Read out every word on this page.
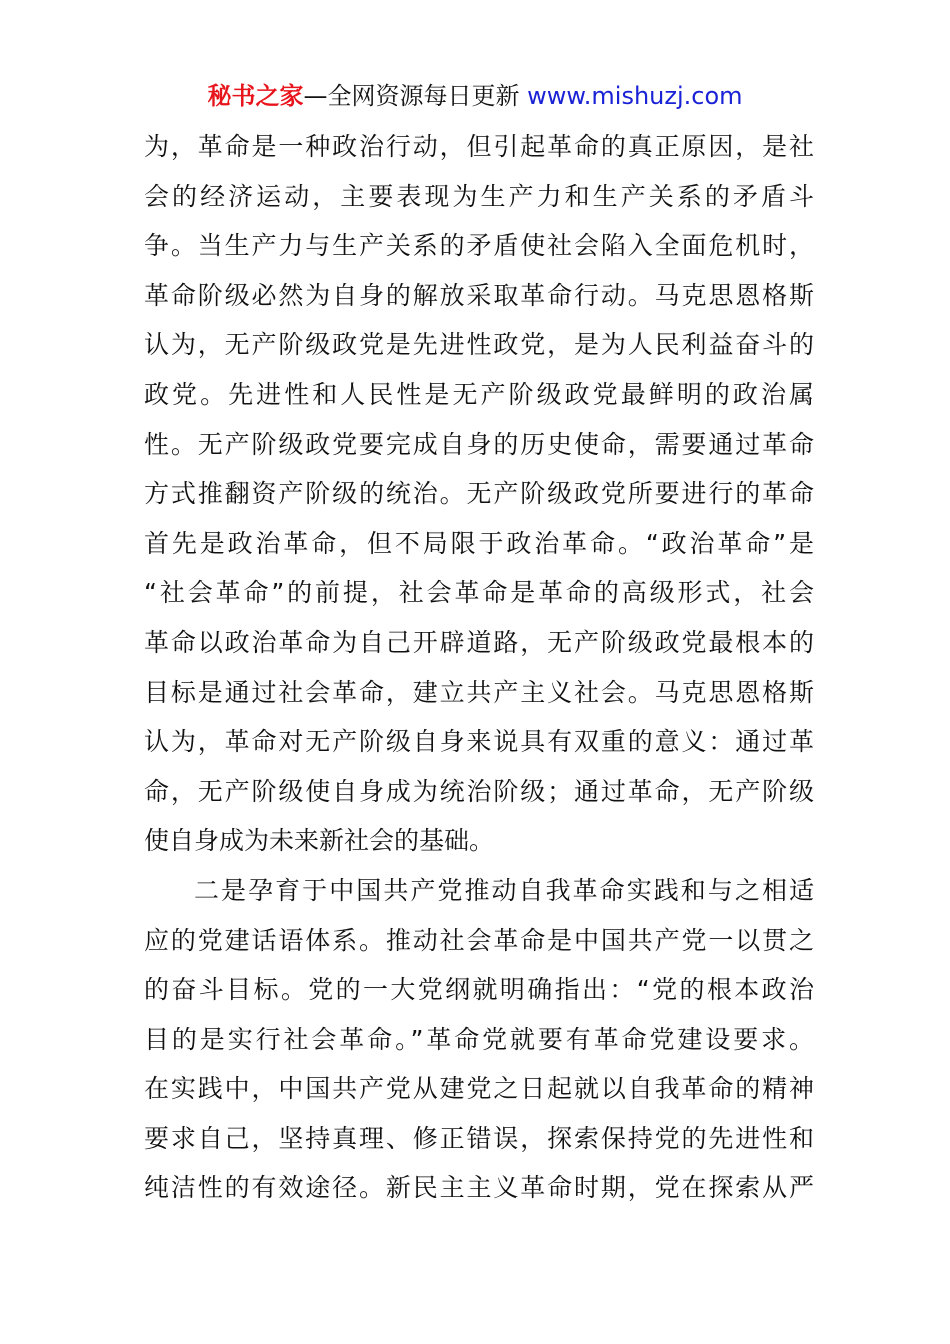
秘书之家—全网资源每日更新 www.mishuzj.com
为，革命是一种政治行动，但引起革命的真正原因，是社
会的经济运动，主要表现为生产力和生产关系的矛盾斗
争。当生产力与生产关系的矛盾使社会陷入全面危机时，
革命阶级必然为自身的解放采取革命行动。马克思恩格斯
认为，无产阶级政党是先进性政党，是为人民利益奋斗的
政党。先进性和人民性是无产阶级政党最鲜明的政治属
性。无产阶级政党要完成自身的历史使命，需要通过革命
方式推翻资产阶级的统治。无产阶级政党所要进行的革命
首先是政治革命，但不局限于政治革命。“政治革命”是
“社会革命”的前提，社会革命是革命的高级形式，社会
革命以政治革命为自己开辟道路，无产阶级政党最根本的
目标是通过社会革命，建立共产主义社会。马克思恩格斯
认为，革命对无产阶级自身来说具有双重的意义：通过革
命，无产阶级使自身成为统治阶级；通过革命，无产阶级
使自身成为未来新社会的基础。
二是孕育于中国共产党推动自我革命实践和与之相适
应的党建话语体系。推动社会革命是中国共产党一以贯之
的奋斗目标。党的一大党纲就明确指出：“党的根本政治
目的是实行社会革命。”革命党就要有革命党建设要求。
在实践中，中国共产党从建党之日起就以自我革命的精神
要求自己，坚持真理、修正错误，探索保持党的先进性和
纯洁性的有效途径。新民主主义革命时期，党在探索从严
